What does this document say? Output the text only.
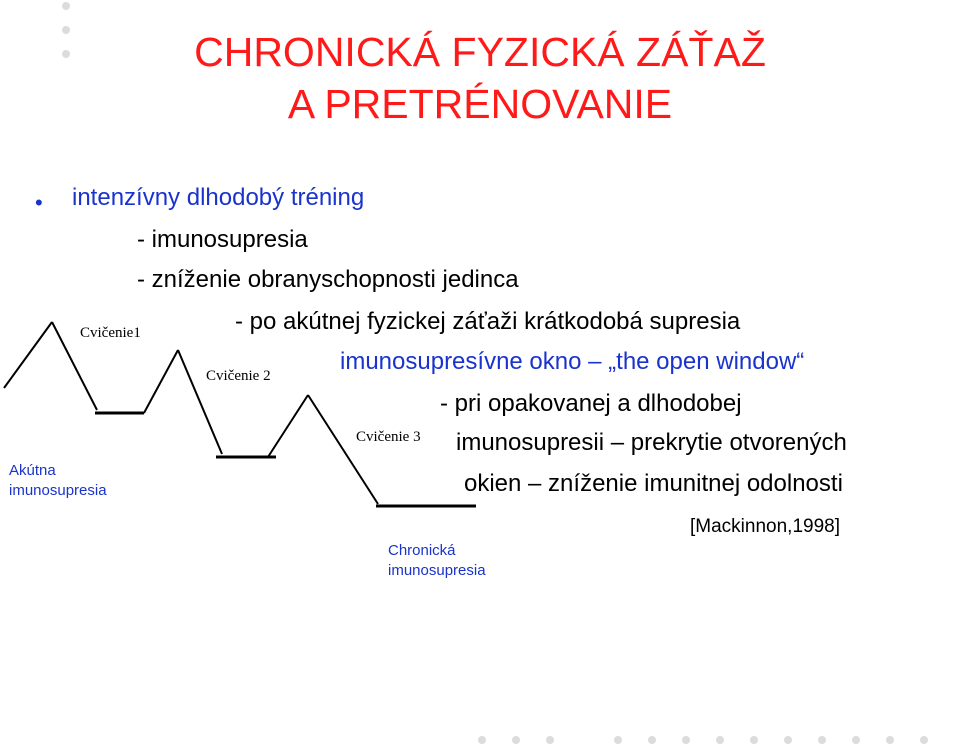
CHRONICKÁ FYZICKÁ ZÁŤAŽ
A PRETRÉNOVANIE
• intenzívny dlhodobý tréning
- imunosupresia
- zníženie obranyschopnosti jedinca
- po akútnej fyzickej záťaži krátkodobá supresia
imunosupresívne okno – „the open window“
- pri opakovanej a dlhodobej
imunosupresii – prekrytie otvorených
okien – zníženie imunitnej odolnosti
[Mackinnon,1998]
Cvičenie1
Cvičenie 2
Cvičenie 3
Akútna
imunosupresia
Chronická
imunosupresia
